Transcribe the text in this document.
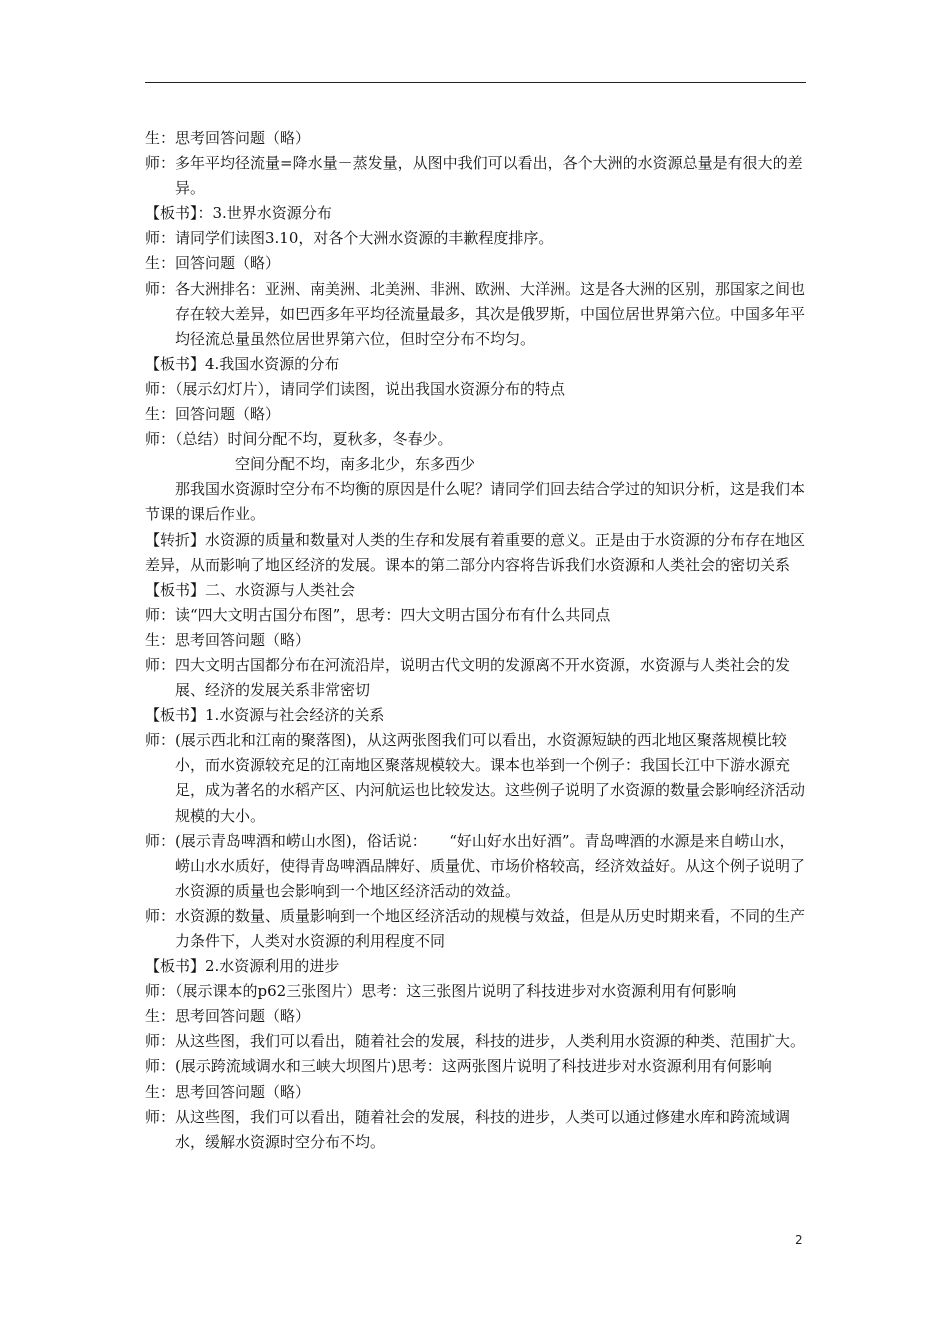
生：思考回答问题（略）

师：多年平均径流量=降水量－蒸发量，从图中我们可以看出，各个大洲的水资源总量是有很大的差异。

【板书】：3.世界水资源分布

师：请同学们读图3.10，对各个大洲水资源的丰歉程度排序。

生：回答问题（略）

师：各大洲排名：亚洲、南美洲、北美洲、非洲、欧洲、大洋洲。这是各大洲的区别，那国家之间也存在较大差异，如巴西多年平均径流量最多，其次是俄罗斯，中国位居世界第六位。中国多年平均径流总量虽然位居世界第六位，但时空分布不均匀。

【板书】4.我国水资源的分布

师：（展示幻灯片），请同学们读图，说出我国水资源分布的特点

生：回答问题（略）

师：（总结）时间分配不均，夏秋多，冬春少。

空间分配不均，南多北少，东多西少

那我国水资源时空分布不均衡的原因是什么呢？请同学们回去结合学过的知识分析，这是我们本节课的课后作业。

【转折】水资源的质量和数量对人类的生存和发展有着重要的意义。正是由于水资源的分布存在地区差异，从而影响了地区经济的发展。课本的第二部分内容将告诉我们水资源和人类社会的密切关系

【板书】二、水资源与人类社会

师：读“四大文明古国分布图”，思考：四大文明古国分布有什么共同点

生：思考回答问题（略）

师：四大文明古国都分布在河流沿岸，说明古代文明的发源离不开水资源，水资源与人类社会的发展、经济的发展关系非常密切

【板书】1.水资源与社会经济的关系

师：(展示西北和江南的聚落图)，从这两张图我们可以看出，水资源短缺的西北地区聚落规模比较小，而水资源较充足的江南地区聚落规模较大。课本也举到一个例子：我国长江中下游水源充足，成为著名的水稻产区、内河航运也比较发达。这些例子说明了水资源的数量会影响经济活动规模的大小。

师：(展示青岛啤酒和崂山水图)，俗话说：　　“好山好水出好酒”。青岛啤酒的水源是来自崂山水，崂山水水质好，使得青岛啤酒品牌好、质量优、市场价格较高，经济效益好。从这个例子说明了水资源的质量也会影响到一个地区经济活动的效益。

师：水资源的数量、质量影响到一个地区经济活动的规模与效益，但是从历史时期来看，不同的生产力条件下，人类对水资源的利用程度不同

【板书】2.水资源利用的进步

师：（展示课本的p62三张图片）思考：这三张图片说明了科技进步对水资源利用有何影响

生：思考回答问题（略）

师：从这些图，我们可以看出，随着社会的发展，科技的进步，人类利用水资源的种类、范围扩大。

师：(展示跨流域调水和三峡大坝图片)思考：这两张图片说明了科技进步对水资源利用有何影响

生：思考回答问题（略）

师：从这些图，我们可以看出，随着社会的发展，科技的进步，人类可以通过修建水库和跨流域调水，缓解水资源时空分布不均。

2
